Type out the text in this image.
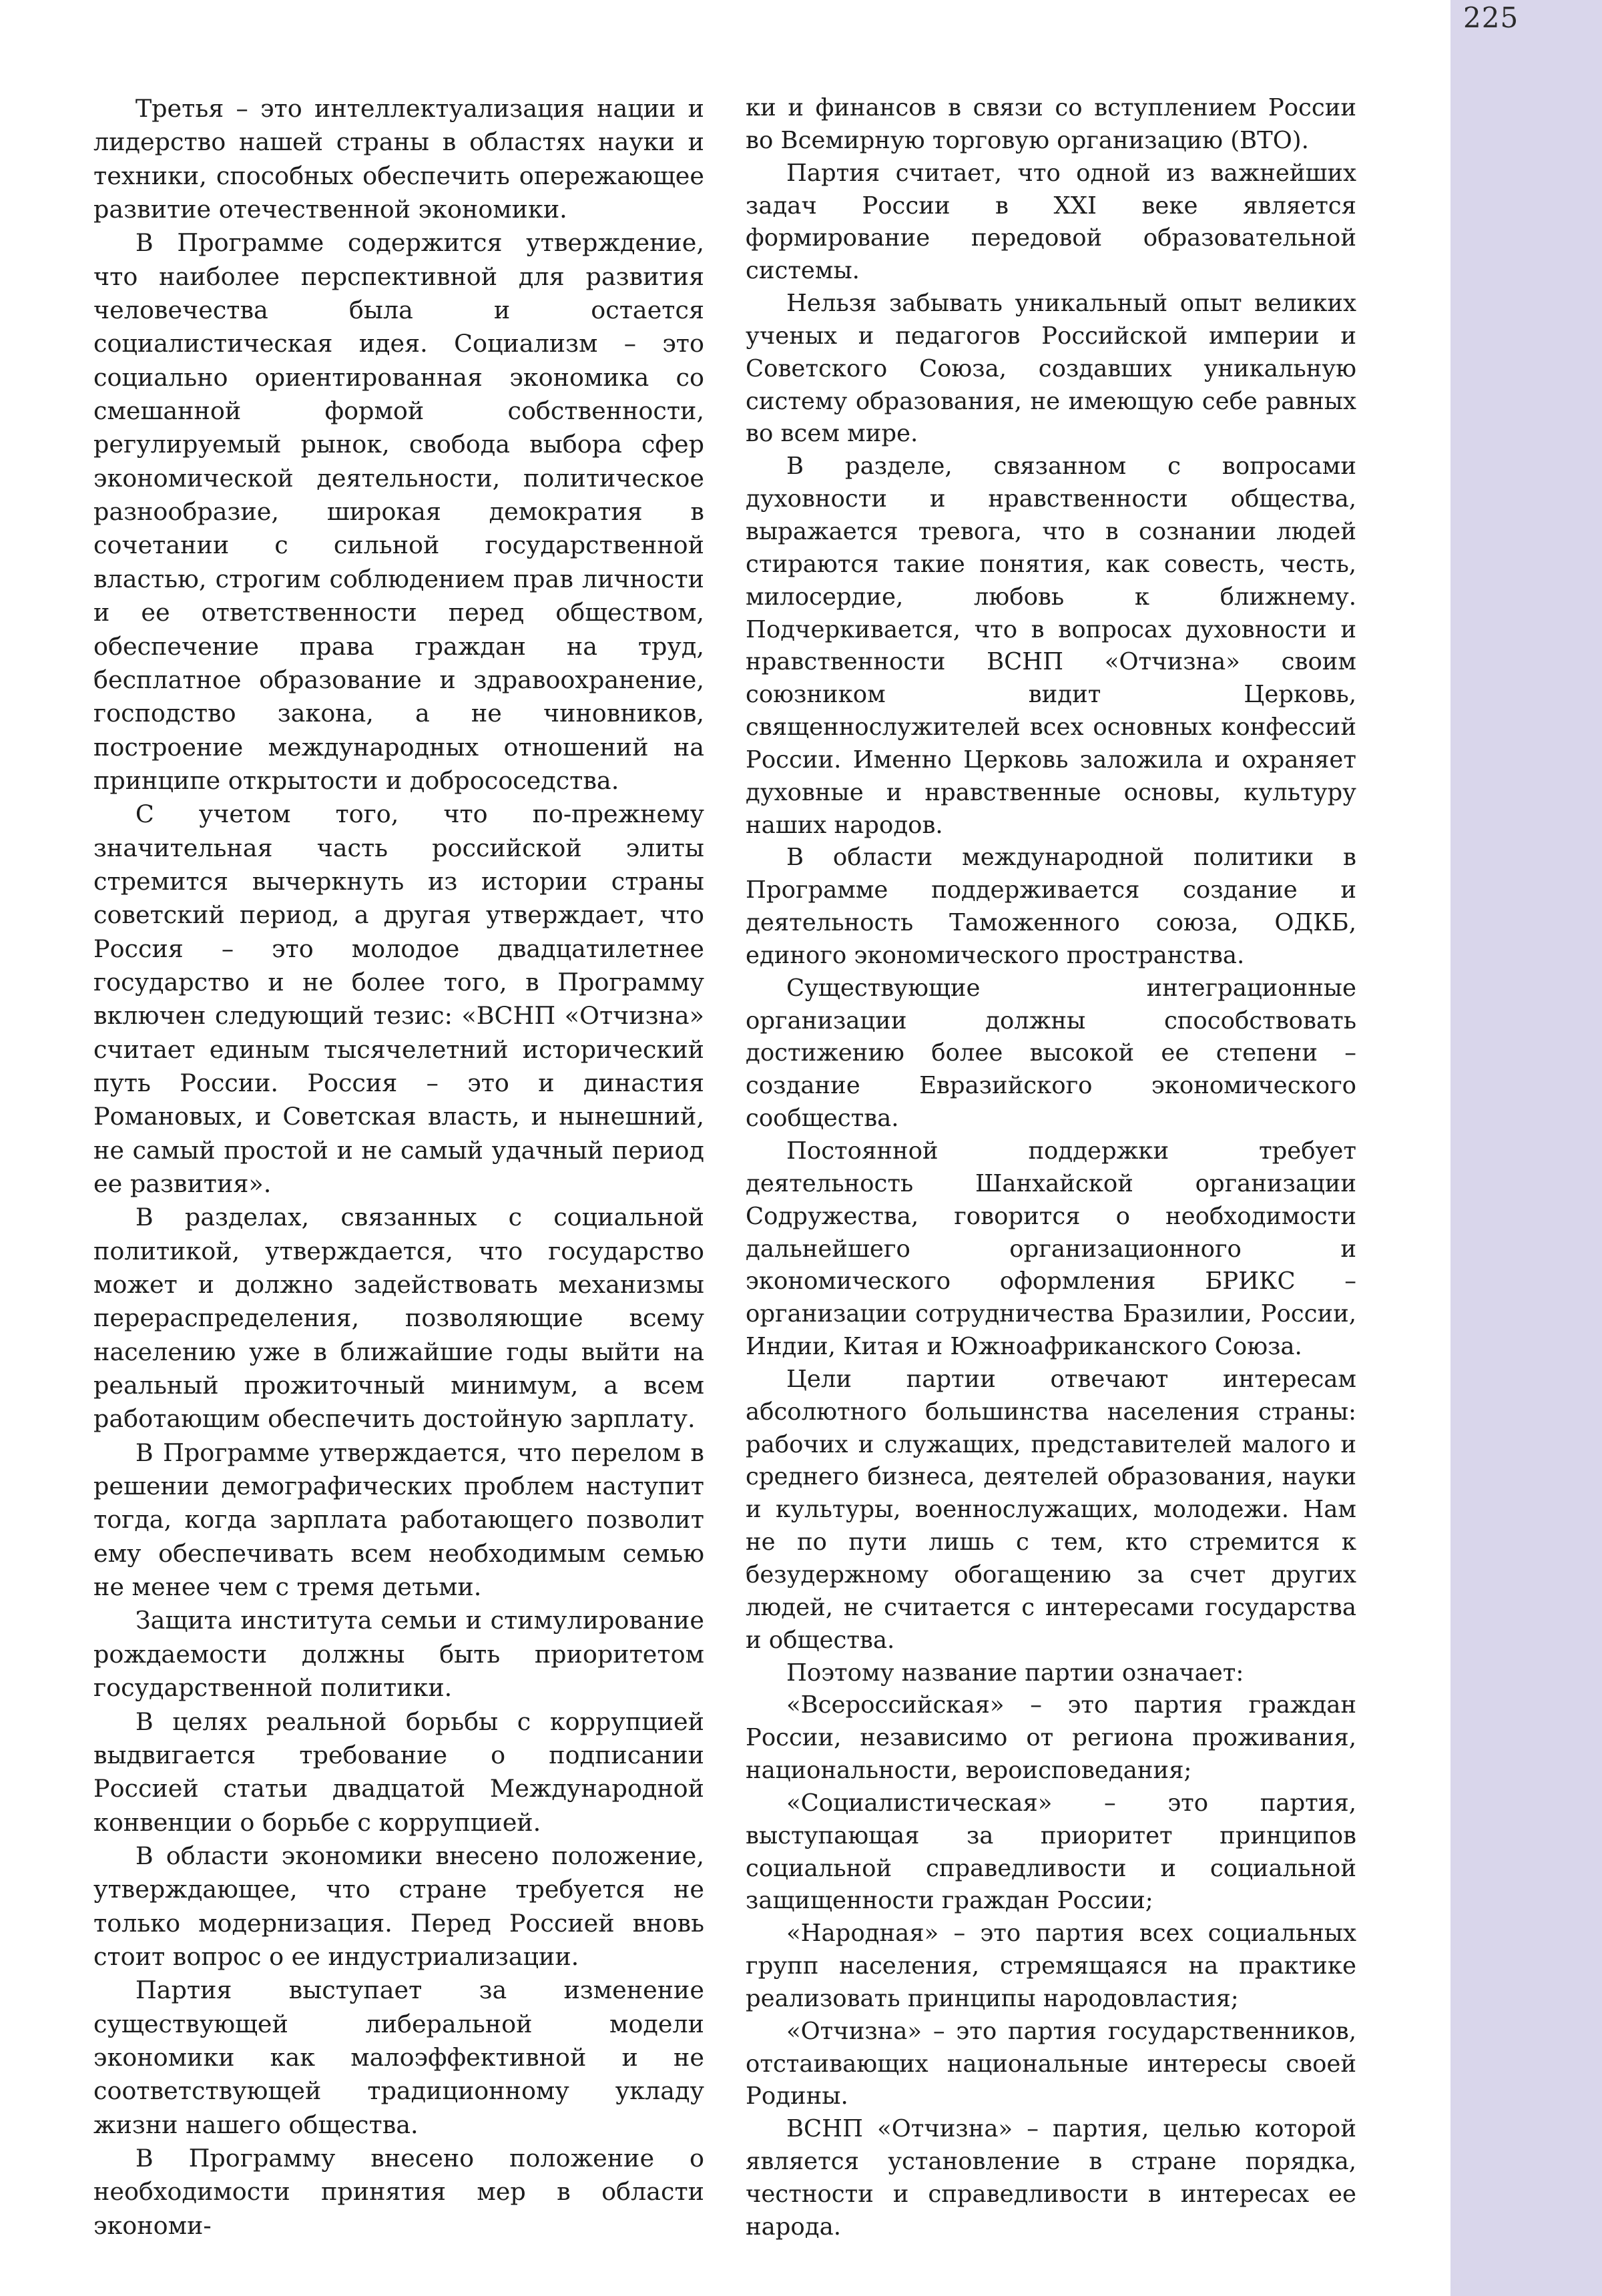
225

Третья – это интеллектуализация нации и лидерство нашей страны в областях науки и техники, способных обеспечить опережающее развитие отечественной экономики.

В Программе содержится утверждение, что наиболее перспективной для развития человечества была и остается социалистическая идея. Социализм – это социально ориентированная экономика со смешанной формой собственности, регулируемый рынок, свобода выбора сфер экономической деятельности, политическое разнообразие, широкая демократия в сочетании с сильной государственной властью, строгим соблюдением прав личности и ее ответственности перед обществом, обеспечение права граждан на труд, бесплатное образование и здравоохранение, господство закона, а не чиновников, построение международных отношений на принципе открытости и добрососедства.

С учетом того, что по-прежнему значительная часть российской элиты стремится вычеркнуть из истории страны советский период, а другая утверждает, что Россия – это молодое двадцатилетнее государство и не более того, в Программу включен следующий тезис: «ВСНП «Отчизна» считает единым тысячелетний исторический путь России. Россия – это и династия Романовых, и Советская власть, и нынешний, не самый простой и не самый удачный период ее развития».

В разделах, связанных с социальной политикой, утверждается, что государство может и должно задействовать механизмы перераспределения, позволяющие всему населению уже в ближайшие годы выйти на реальный прожиточный минимум, а всем работающим обеспечить достойную зарплату.

В Программе утверждается, что перелом в решении демографических проблем наступит тогда, когда зарплата работающего позволит ему обеспечивать всем необходимым семью не менее чем с тремя детьми.

Защита института семьи и стимулирование рождаемости должны быть приоритетом государственной политики.

В целях реальной борьбы с коррупцией выдвигается требование о подписании Россией статьи двадцатой Международной конвенции о борьбе с коррупцией.

В области экономики внесено положение, утверждающее, что стране требуется не только модернизация. Перед Россией вновь стоит вопрос о ее индустриализации.

Партия выступает за изменение существующей либеральной модели экономики как малоэффективной и не соответствующей традиционному укладу жизни нашего общества.

В Программу внесено положение о необходимости принятия мер в области экономи-

ки и финансов в связи со вступлением России во Всемирную торговую организацию (ВТО).

Партия считает, что одной из важнейших задач России в XXI веке является формирование передовой образовательной системы.

Нельзя забывать уникальный опыт великих ученых и педагогов Российской империи и Советского Союза, создавших уникальную систему образования, не имеющую себе равных во всем мире.

В разделе, связанном с вопросами духовности и нравственности общества, выражается тревога, что в сознании людей стираются такие понятия, как совесть, честь, милосердие, любовь к ближнему. Подчеркивается, что в вопросах духовности и нравственности ВСНП «Отчизна» своим союзником видит Церковь, священнослужителей всех основных конфессий России. Именно Церковь заложила и охраняет духовные и нравственные основы, культуру наших народов.

В области международной политики в Программе поддерживается создание и деятельность Таможенного союза, ОДКБ, единого экономического пространства.

Существующие интеграционные организации должны способствовать достижению более высокой ее степени – создание Евразийского экономического сообщества.

Постоянной поддержки требует деятельность Шанхайской организации Содружества, говорится о необходимости дальнейшего организационного и экономического оформления БРИКС – организации сотрудничества Бразилии, России, Индии, Китая и Южноафриканского Союза.

Цели партии отвечают интересам абсолютного большинства населения страны: рабочих и служащих, представителей малого и среднего бизнеса, деятелей образования, науки и культуры, военнослужащих, молодежи. Нам не по пути лишь с тем, кто стремится к безудержному обогащению за счет других людей, не считается с интересами государства и общества.

Поэтому название партии означает:

«Всероссийская» – это партия граждан России, независимо от региона проживания, национальности, вероисповедания;

«Социалистическая» – это партия, выступающая за приоритет принципов социальной справедливости и социальной защищенности граждан России;

«Народная» – это партия всех социальных групп населения, стремящаяся на практике реализовать принципы народовластия;

«Отчизна» – это партия государственников, отстаивающих национальные интересы своей Родины.

ВСНП «Отчизна» – партия, целью которой является установление в стране порядка, честности и справедливости в интересах ее народа.
